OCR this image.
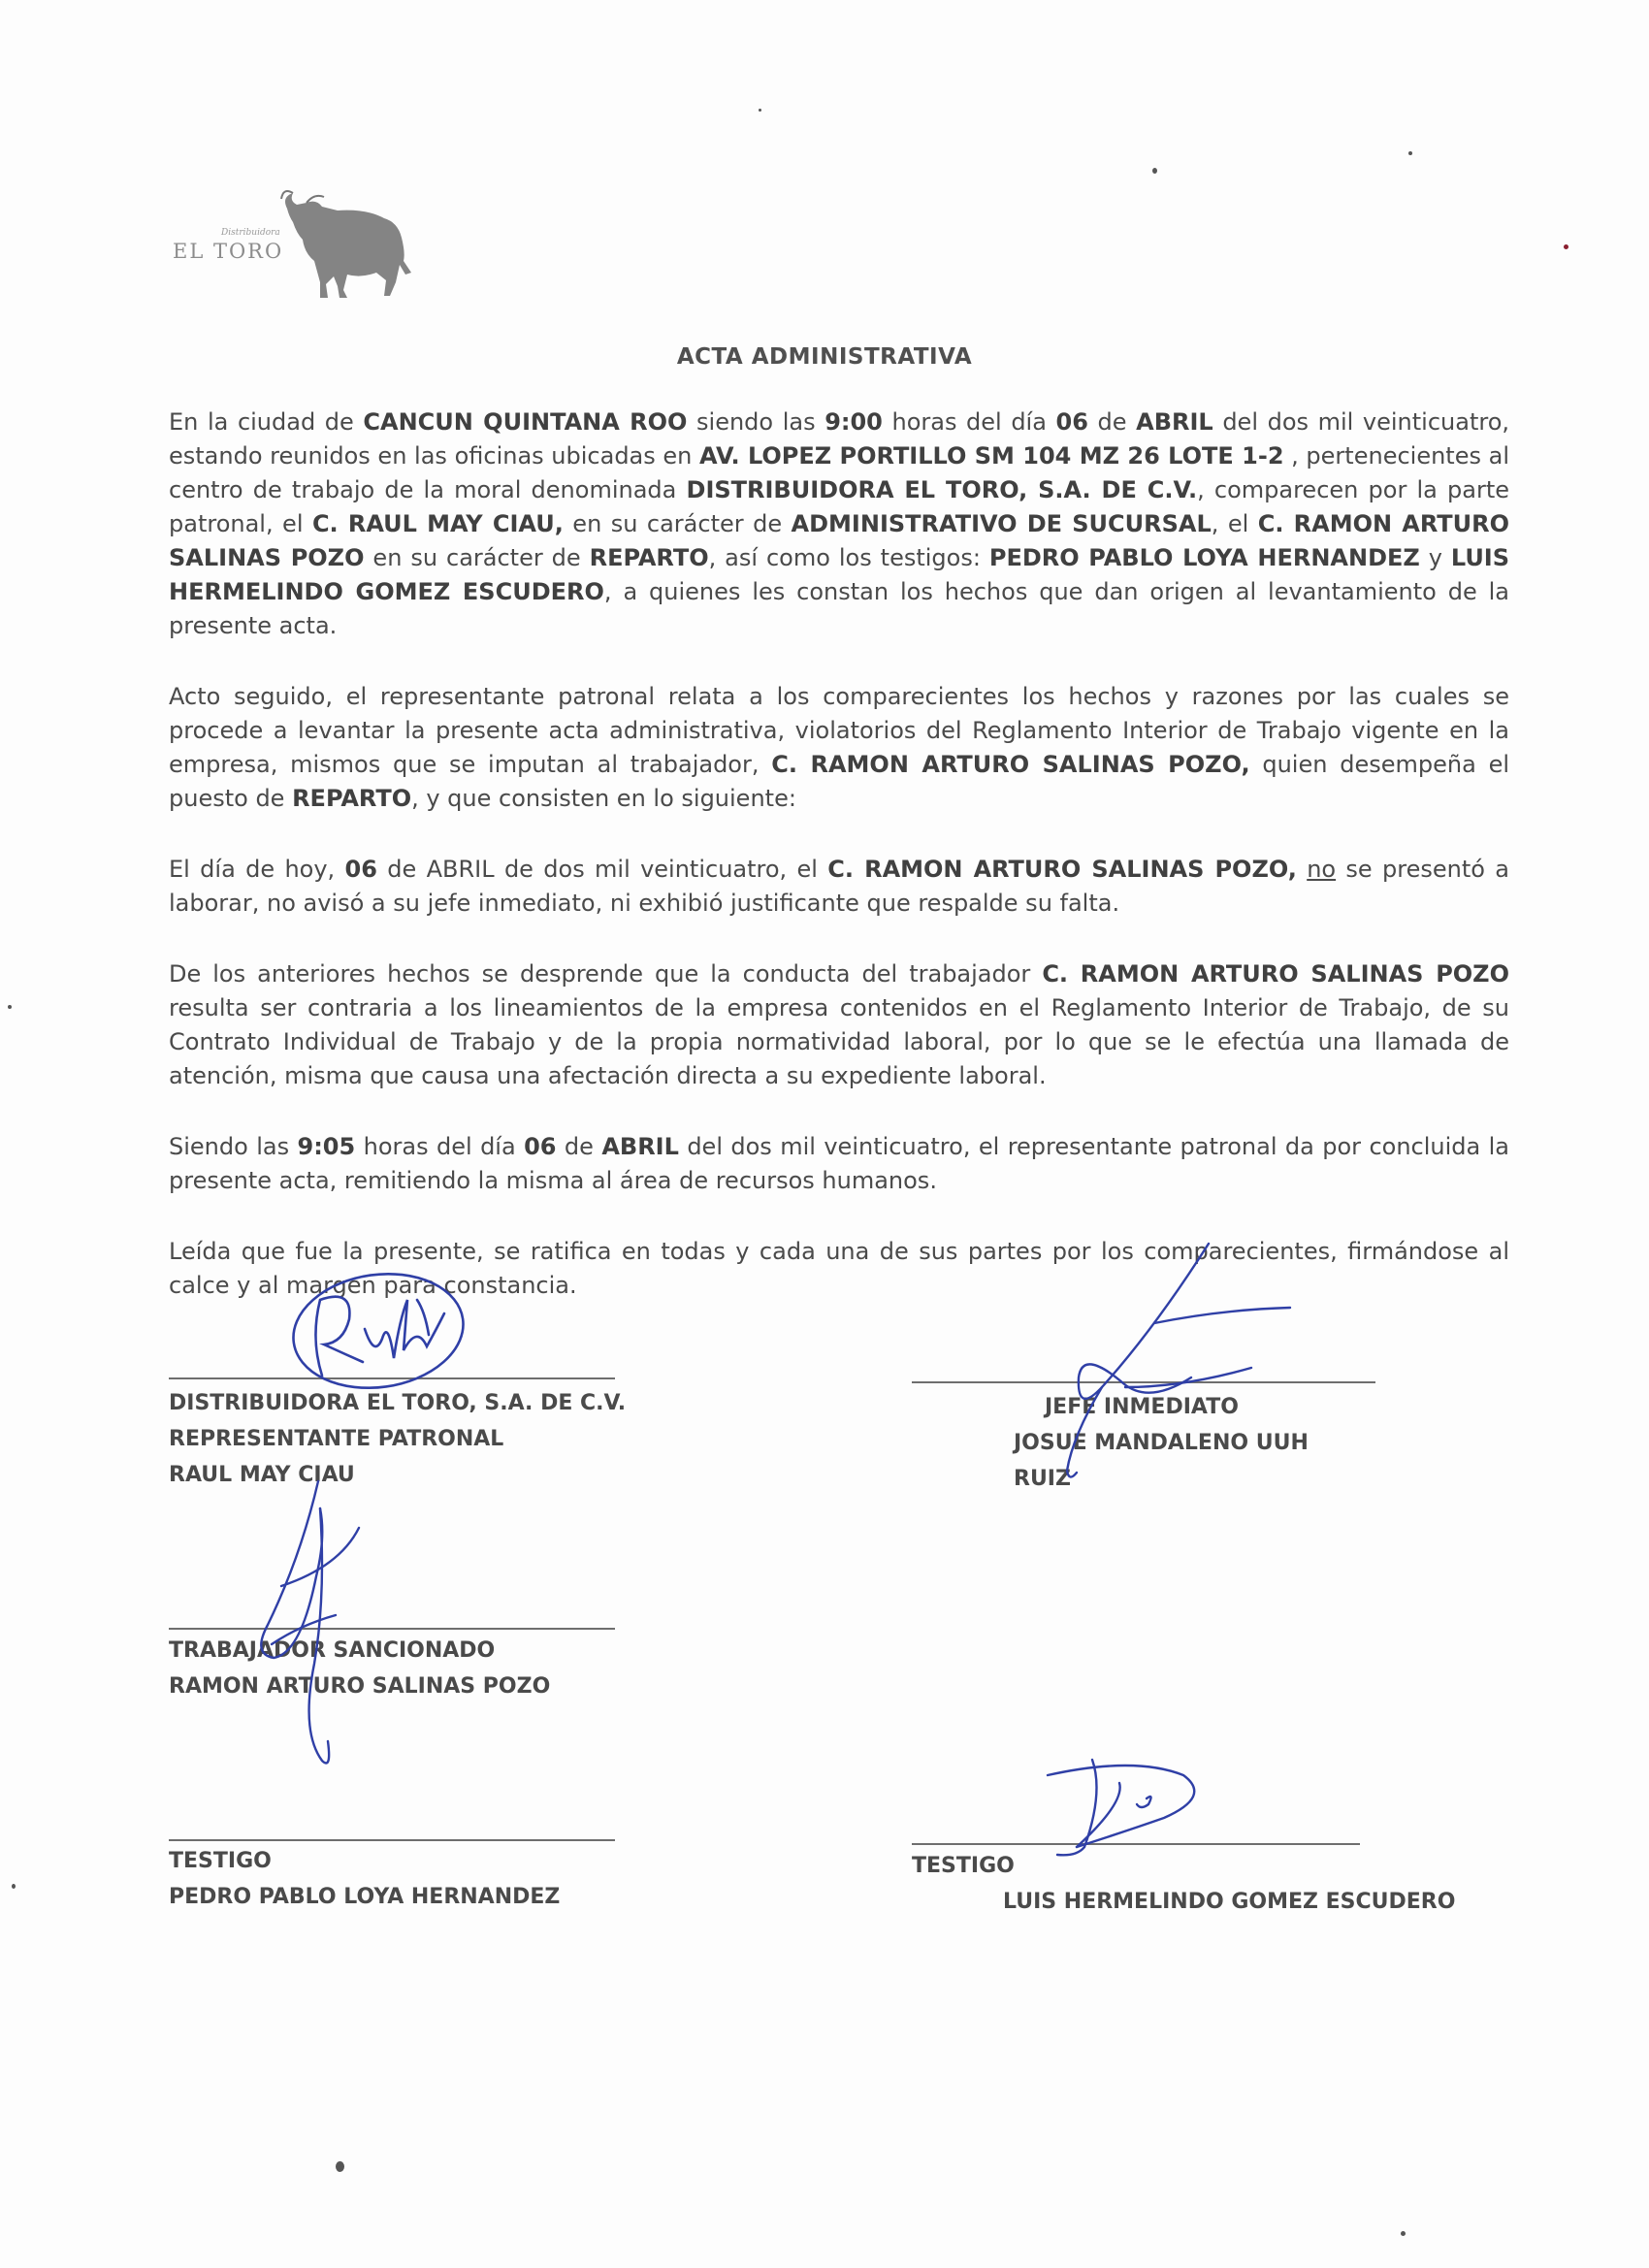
Distribuidora
EL TORO
ACTA ADMINISTRATIVA

En la ciudad de CANCUN QUINTANA ROO siendo las 9:00 horas del día 06 de ABRIL del dos mil veinticuatro, estando reunidos en las oficinas ubicadas en AV. LOPEZ PORTILLO SM 104 MZ 26 LOTE 1-2 , pertenecientes al centro de trabajo de la moral denominada DISTRIBUIDORA EL TORO, S.A. DE C.V., comparecen por la parte patronal, el C. RAUL MAY CIAU, en su carácter de ADMINISTRATIVO DE SUCURSAL, el C. RAMON ARTURO SALINAS POZO en su carácter de REPARTO, así como los testigos: PEDRO PABLO LOYA HERNANDEZ y LUIS HERMELINDO GOMEZ ESCUDERO, a quienes les constan los hechos que dan origen al levantamiento de la presente acta.

Acto seguido, el representante patronal relata a los comparecientes los hechos y razones por las cuales se procede a levantar la presente acta administrativa, violatorios del Reglamento Interior de Trabajo vigente en la empresa, mismos que se imputan al trabajador, C. RAMON ARTURO SALINAS POZO, quien desempeña el puesto de REPARTO, y que consisten en lo siguiente:

El día de hoy, 06 de ABRIL de dos mil veinticuatro, el C. RAMON ARTURO SALINAS POZO, no se presentó a laborar, no avisó a su jefe inmediato, ni exhibió justificante que respalde su falta.

De los anteriores hechos se desprende que la conducta del trabajador C. RAMON ARTURO SALINAS POZO resulta ser contraria a los lineamientos de la empresa contenidos en el Reglamento Interior de Trabajo, de su Contrato Individual de Trabajo y de la propia normatividad laboral, por lo que se le efectúa una llamada de atención, misma que causa una afectación directa a su expediente laboral.

Siendo las 9:05 horas del día 06 de ABRIL del dos mil veinticuatro, el representante patronal da por concluida la presente acta, remitiendo la misma al área de recursos humanos.

Leída que fue la presente, se ratifica en todas y cada una de sus partes por los comparecientes, firmándose al calce y al margen para constancia.

DISTRIBUIDORA EL TORO, S.A. DE C.V.
REPRESENTANTE PATRONAL
RAUL MAY CIAU
JEFE INMEDIATO
JOSUE MANDALENO UUH RUIZ
TRABAJADOR SANCIONADO
RAMON ARTURO SALINAS POZO
TESTIGO
PEDRO PABLO LOYA HERNANDEZ
TESTIGO
LUIS HERMELINDO GOMEZ ESCUDERO
